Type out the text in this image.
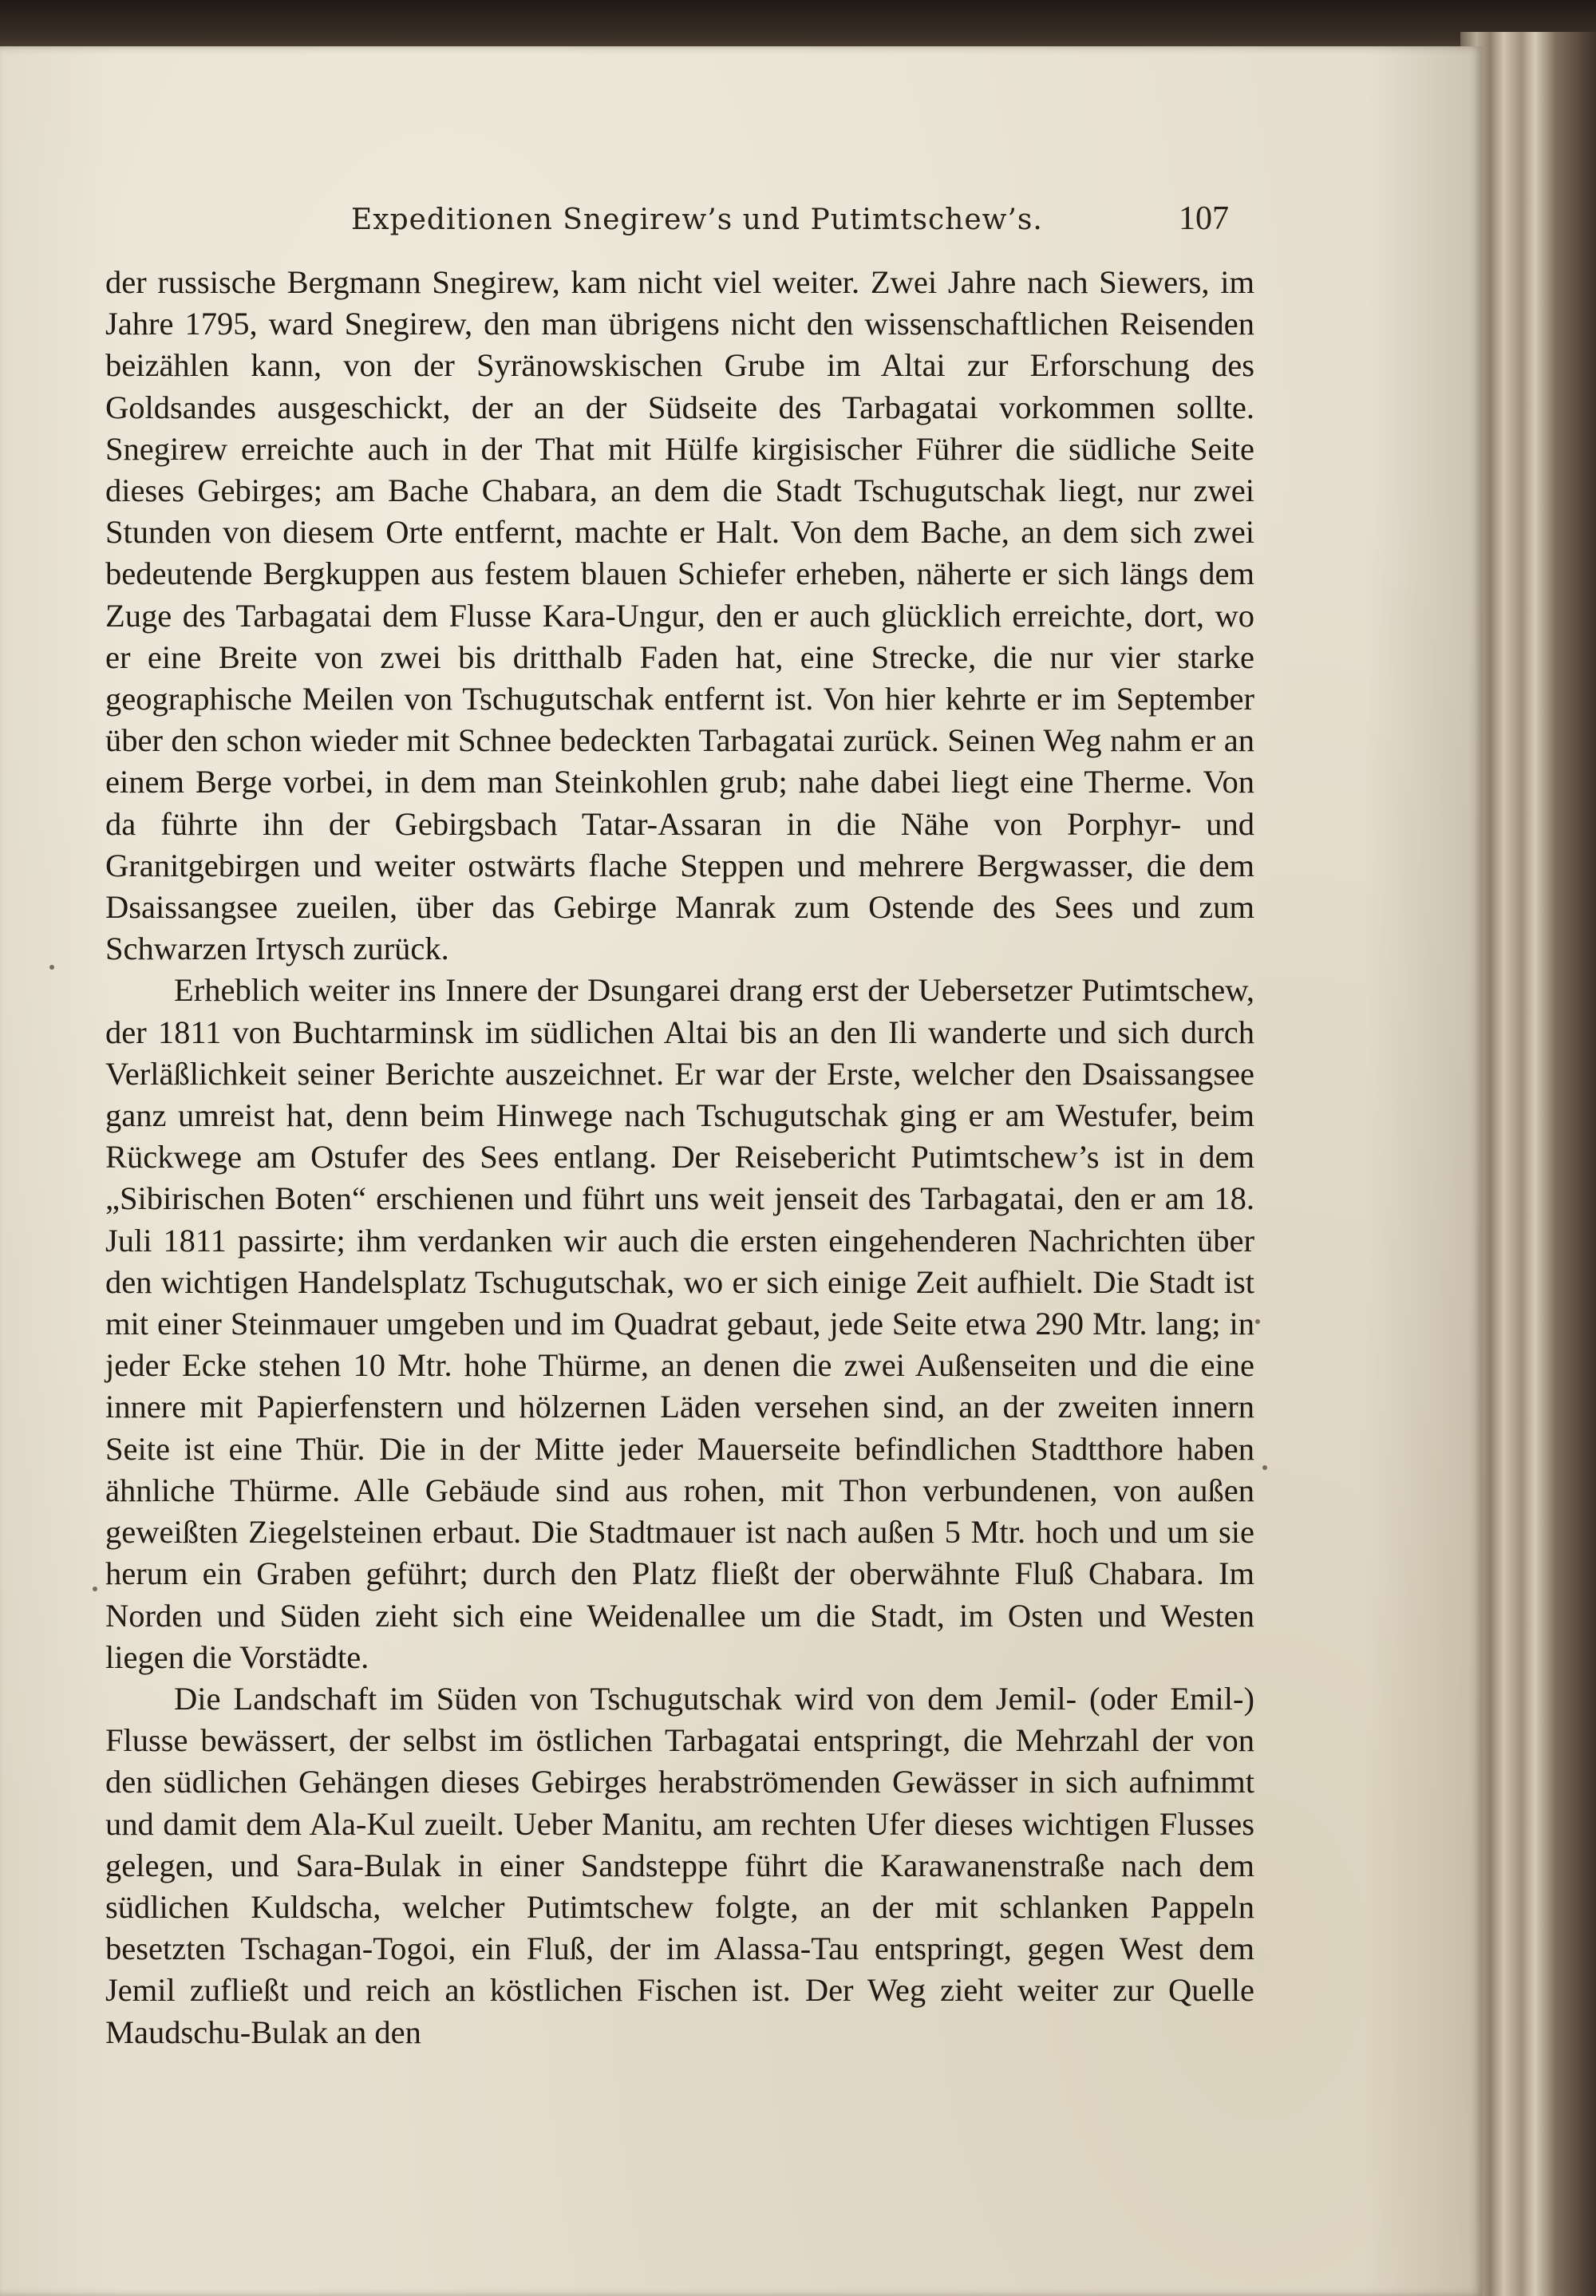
Expeditionen Snegirew’s und Putimtschew’s.	107

der russische Bergmann Snegirew, kam nicht viel weiter. Zwei Jahre nach Siewers, im Jahre 1795, ward Snegirew, den man übrigens nicht den wissenschaftlichen Reisenden beizählen kann, von der Syränowskischen Grube im Altai zur Erforschung des Goldsandes ausgeschickt, der an der Südseite des Tarbagatai vorkommen sollte. Snegirew erreichte auch in der That mit Hülfe kirgisischer Führer die südliche Seite dieses Gebirges; am Bache Chabara, an dem die Stadt Tschugutschak liegt, nur zwei Stunden von diesem Orte entfernt, machte er Halt. Von dem Bache, an dem sich zwei bedeutende Bergkuppen aus festem blauen Schiefer erheben, näherte er sich längs dem Zuge des Tarbagatai dem Flusse Kara-Ungur, den er auch glücklich erreichte, dort, wo er eine Breite von zwei bis dritthalb Faden hat, eine Strecke, die nur vier starke geographische Meilen von Tschugutschak entfernt ist. Von hier kehrte er im September über den schon wieder mit Schnee bedeckten Tarbagatai zurück. Seinen Weg nahm er an einem Berge vorbei, in dem man Steinkohlen grub; nahe dabei liegt eine Therme. Von da führte ihn der Gebirgsbach Tatar-Assaran in die Nähe von Porphyr- und Granitgebirgen und weiter ostwärts flache Steppen und mehrere Bergwasser, die dem Dsaissangsee zueilen, über das Gebirge Manrak zum Ostende des Sees und zum Schwarzen Irtysch zurück.

Erheblich weiter ins Innere der Dsungarei drang erst der Uebersetzer Putimtschew, der 1811 von Buchtarminsk im südlichen Altai bis an den Ili wanderte und sich durch Verläßlichkeit seiner Berichte auszeichnet. Er war der Erste, welcher den Dsaissangsee ganz umreist hat, denn beim Hinwege nach Tschugutschak ging er am Westufer, beim Rückwege am Ostufer des Sees entlang. Der Reisebericht Putimtschew’s ist in dem „Sibirischen Boten“ erschienen und führt uns weit jenseit des Tarbagatai, den er am 18. Juli 1811 passirte; ihm verdanken wir auch die ersten eingehenderen Nachrichten über den wichtigen Handelsplatz Tschugutschak, wo er sich einige Zeit aufhielt. Die Stadt ist mit einer Steinmauer umgeben und im Quadrat gebaut, jede Seite etwa 290 Mtr. lang; in jeder Ecke stehen 10 Mtr. hohe Thürme, an denen die zwei Außenseiten und die eine innere mit Papierfenstern und hölzernen Läden versehen sind, an der zweiten innern Seite ist eine Thür. Die in der Mitte jeder Mauerseite befindlichen Stadtthore haben ähnliche Thürme. Alle Gebäude sind aus rohen, mit Thon verbundenen, von außen geweißten Ziegelsteinen erbaut. Die Stadtmauer ist nach außen 5 Mtr. hoch und um sie herum ein Graben geführt; durch den Platz fließt der oberwähnte Fluß Chabara. Im Norden und Süden zieht sich eine Weidenallee um die Stadt, im Osten und Westen liegen die Vorstädte.

Die Landschaft im Süden von Tschugutschak wird von dem Jemil- (oder Emil-) Flusse bewässert, der selbst im östlichen Tarbagatai entspringt, die Mehrzahl der von den südlichen Gehängen dieses Gebirges herabströmenden Gewässer in sich aufnimmt und damit dem Ala-Kul zueilt. Ueber Manitu, am rechten Ufer dieses wichtigen Flusses gelegen, und Sara-Bulak in einer Sandsteppe führt die Karawanenstraße nach dem südlichen Kuldscha, welcher Putimtschew folgte, an der mit schlanken Pappeln besetzten Tschagan-Togoi, ein Fluß, der im Alassa-Tau entspringt, gegen West dem Jemil zufließt und reich an köstlichen Fischen ist. Der Weg zieht weiter zur Quelle Maudschu-Bulak an den
